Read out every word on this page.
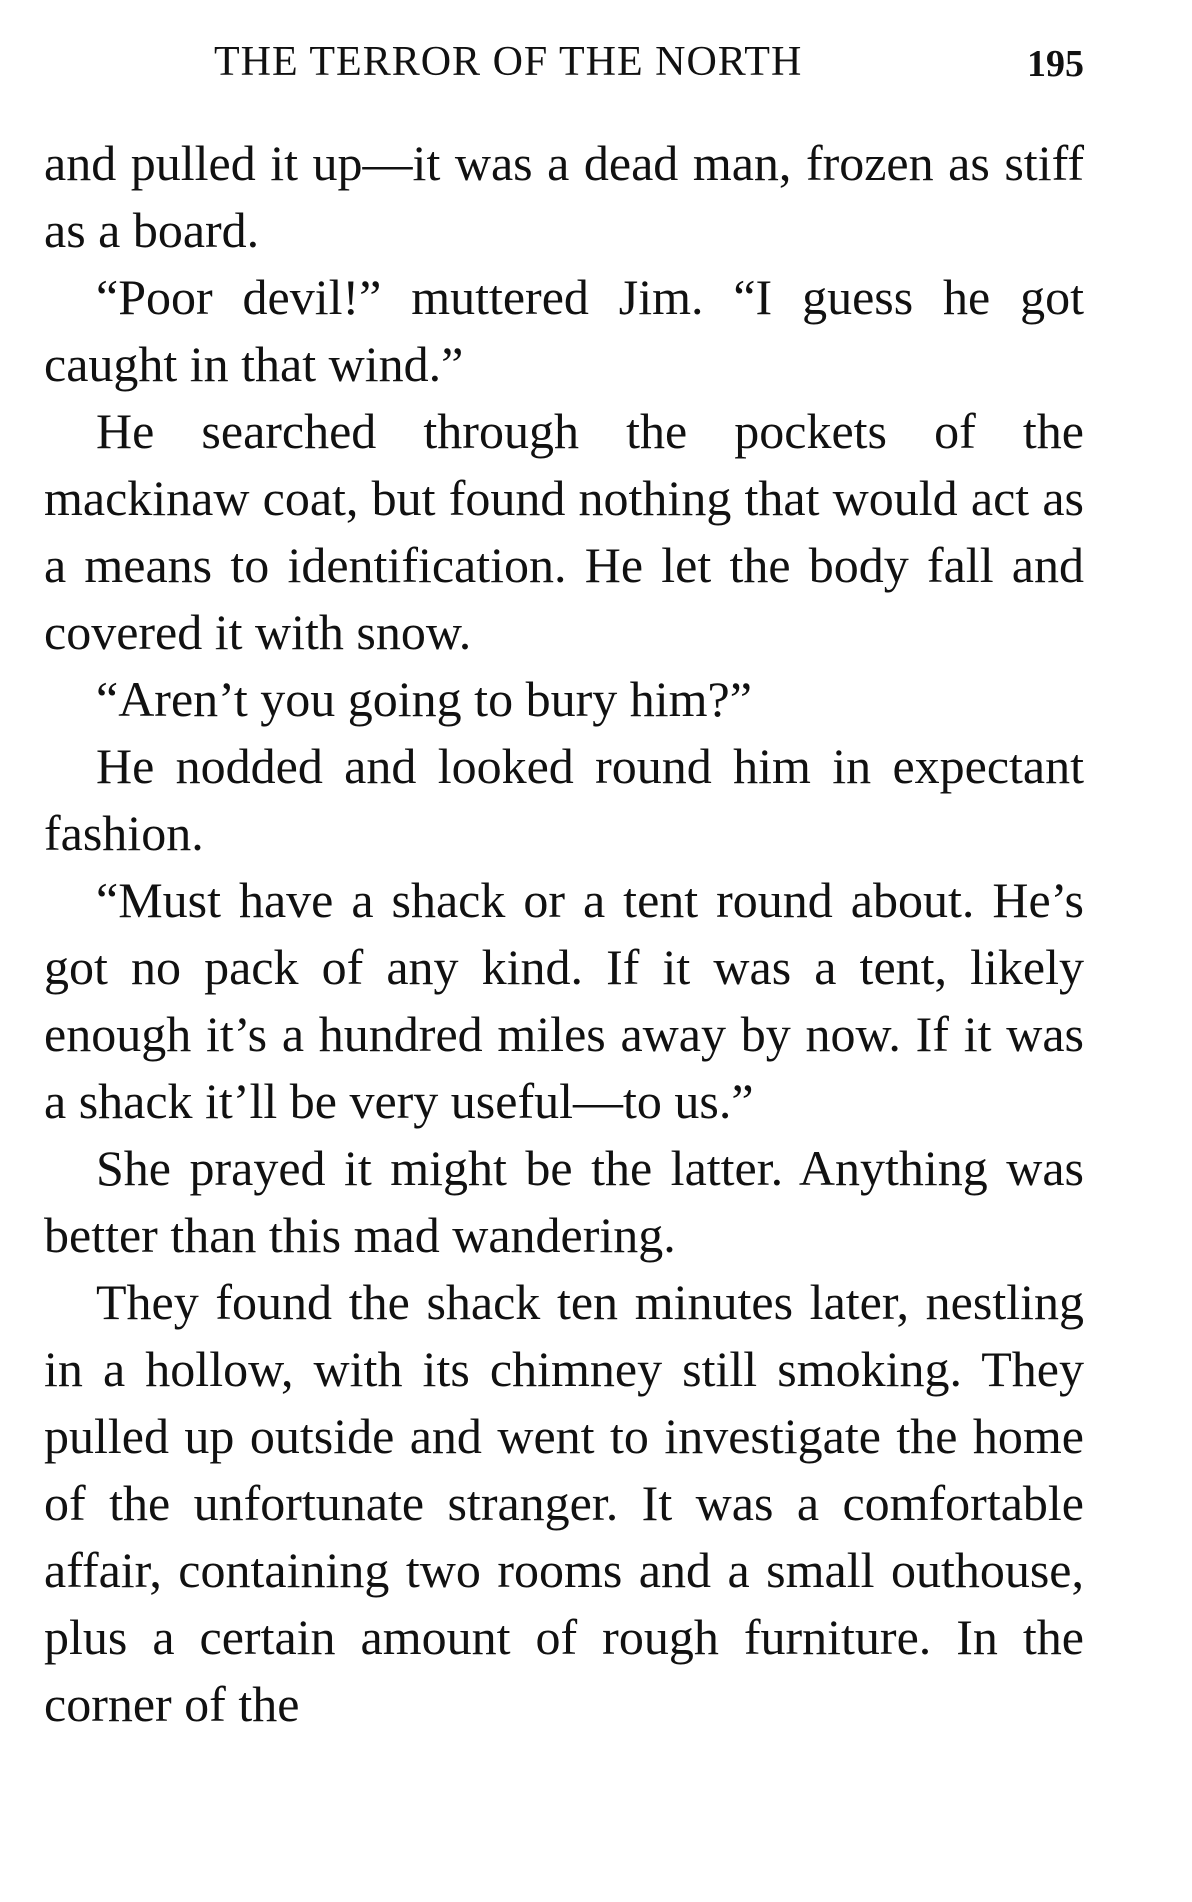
THE TERROR OF THE NORTH	195

and pulled it up—it was a dead man, frozen as stiff as a board.

“Poor devil!” muttered Jim. “I guess he got caught in that wind.”

He searched through the pockets of the mackinaw coat, but found nothing that would act as a means to identification. He let the body fall and covered it with snow.

“Aren’t you going to bury him?”

He nodded and looked round him in expectant fashion.

“Must have a shack or a tent round about. He’s got no pack of any kind. If it was a tent, likely enough it’s a hundred miles away by now. If it was a shack it’ll be very useful—to us.”

She prayed it might be the latter. Anything was better than this mad wandering.

They found the shack ten minutes later, nestling in a hollow, with its chimney still smoking. They pulled up outside and went to investigate the home of the unfortunate stranger. It was a comfortable affair, containing two rooms and a small outhouse, plus a certain amount of rough furniture. In the corner of the
